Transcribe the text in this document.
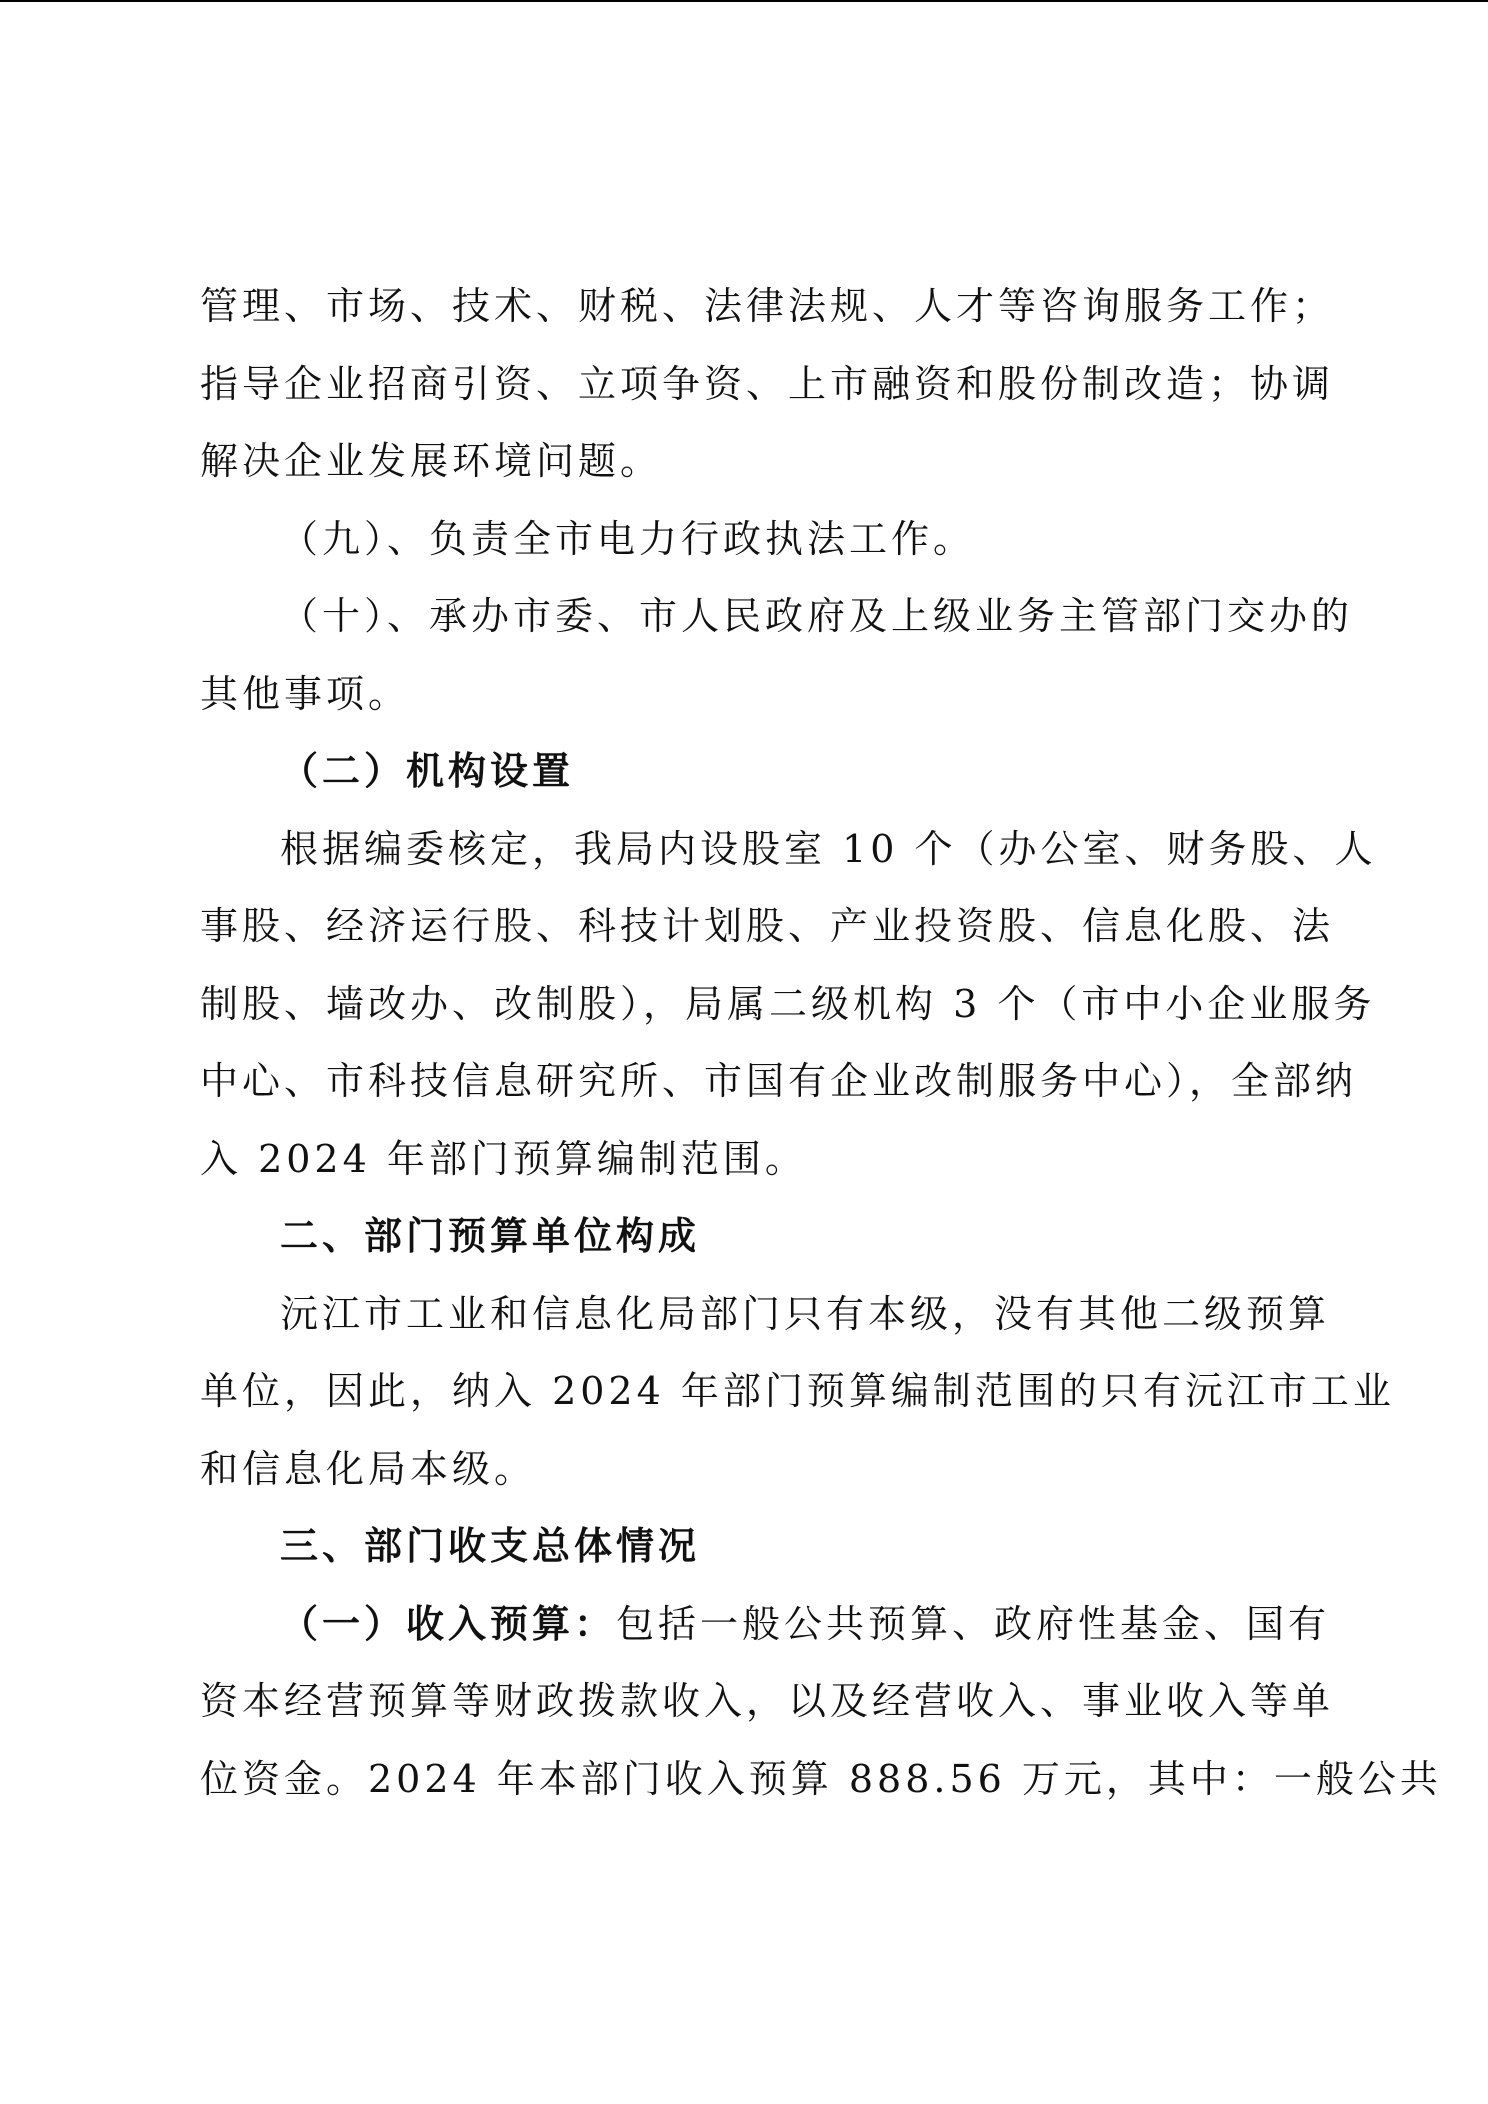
管理、市场、技术、财税、法律法规、人才等咨询服务工作；
指导企业招商引资、立项争资、上市融资和股份制改造；协调
解决企业发展环境问题。
（九）、负责全市电力行政执法工作。
（十）、承办市委、市人民政府及上级业务主管部门交办的
其他事项。
（二）机构设置
根据编委核定，我局内设股室 10 个（办公室、财务股、人
事股、经济运行股、科技计划股、产业投资股、信息化股、法
制股、墙改办、改制股），局属二级机构 3 个（市中小企业服务
中心、市科技信息研究所、市国有企业改制服务中心），全部纳
入 2024 年部门预算编制范围。
二、部门预算单位构成
沅江市工业和信息化局部门只有本级，没有其他二级预算
单位，因此，纳入 2024 年部门预算编制范围的只有沅江市工业
和信息化局本级。
三、部门收支总体情况
（一）收入预算： 包括一般公共预算、政府性基金、国有
资本经营预算等财政拨款收入，以及经营收入、事业收入等单
位资金。2024 年本部门收入预算 888.56 万元，其中：一般公共
